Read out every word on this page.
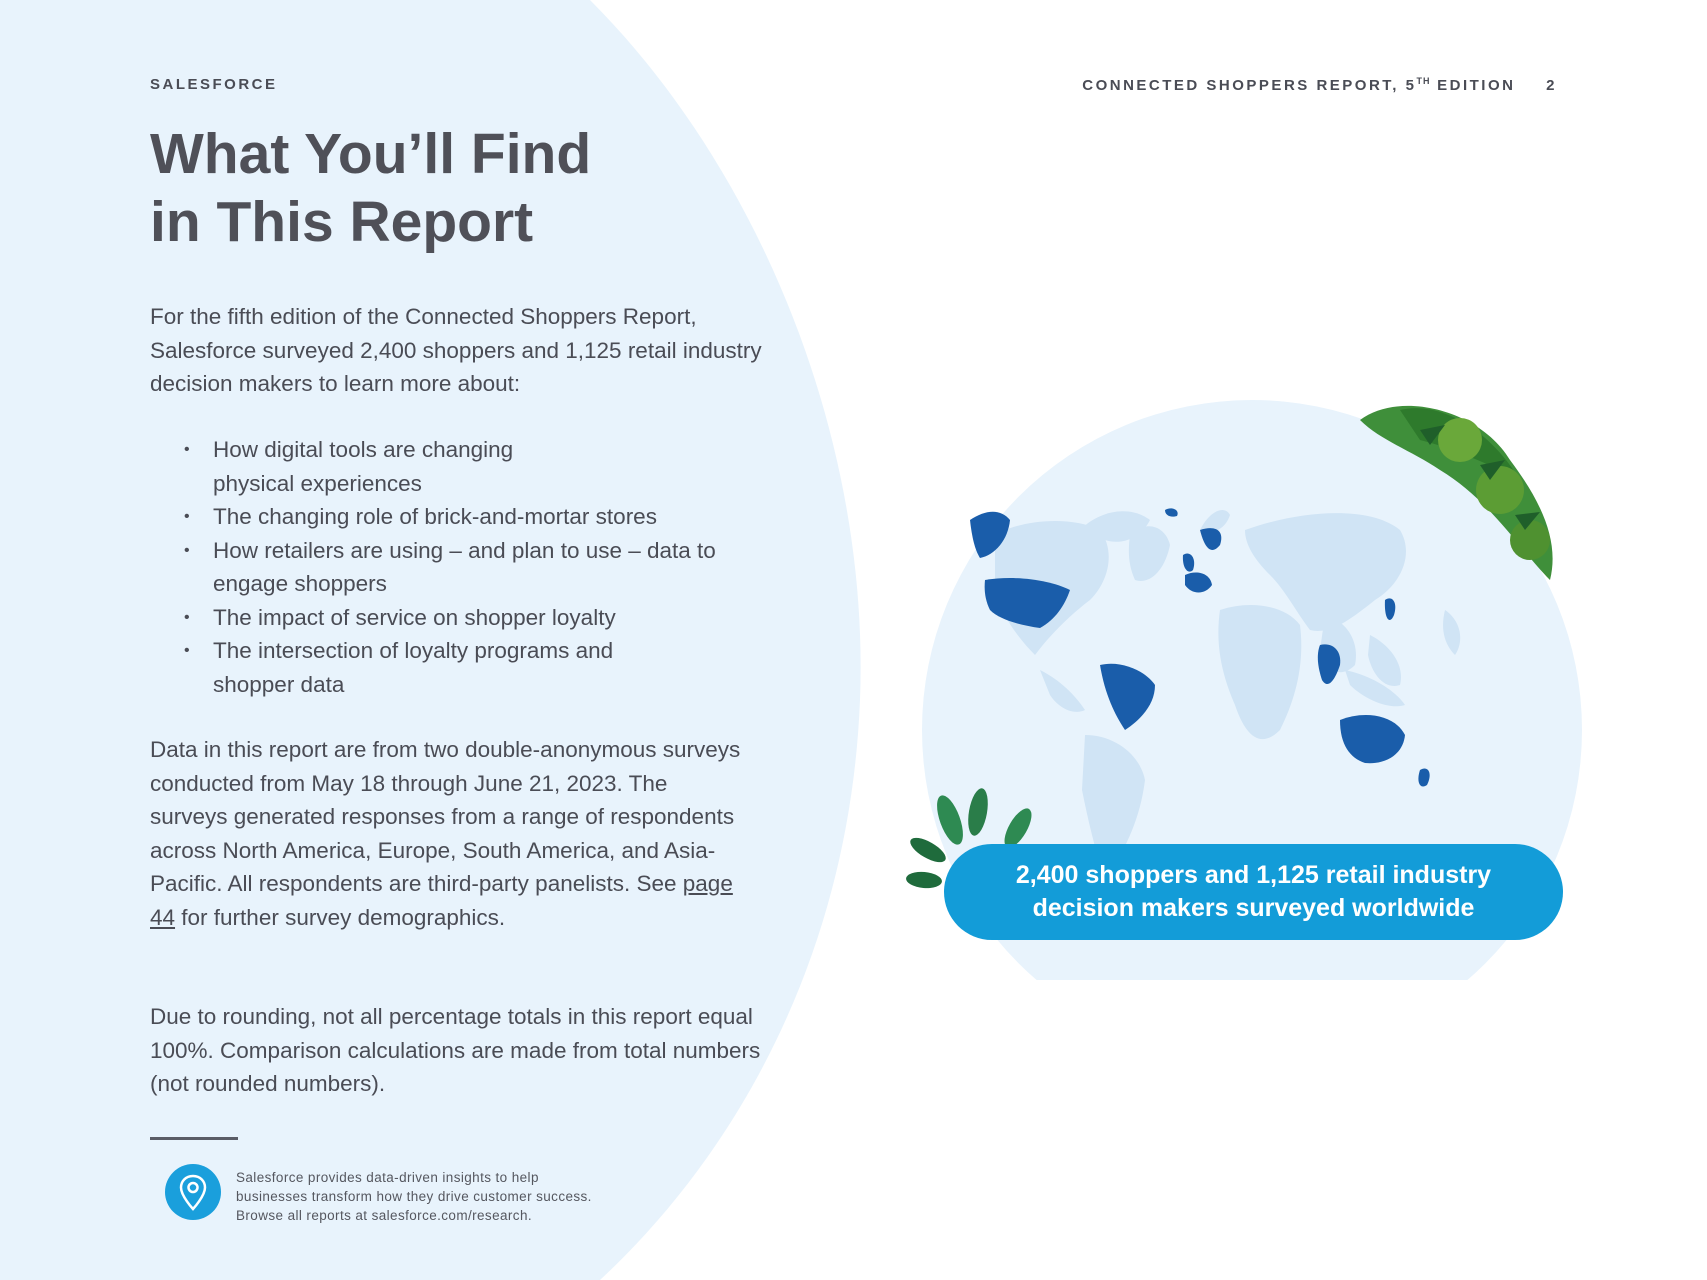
SALESFORCE	CONNECTED SHOPPERS REPORT, 5TH EDITION 2
What You’ll Find
in This Report

For the fifth edition of the Connected Shoppers Report, Salesforce surveyed 2,400 shoppers and 1,125 retail industry decision makers to learn more about:

• How digital tools are changing physical experiences
• The changing role of brick-and-mortar stores
• How retailers are using – and plan to use – data to engage shoppers
• The impact of service on shopper loyalty
• The intersection of loyalty programs and shopper data

Data in this report are from two double-anonymous surveys conducted from May 18 through June 21, 2023. The surveys generated responses from a range of respondents across North America, Europe, South America, and Asia-Pacific. All respondents are third-party panelists. See page 44 for further survey demographics.

Due to rounding, not all percentage totals in this report equal 100%. Comparison calculations are made from total numbers (not rounded numbers).

Salesforce provides data-driven insights to help
businesses transform how they drive customer success.
Browse all reports at salesforce.com/research.

2,400 shoppers and 1,125 retail industry
decision makers surveyed worldwide
